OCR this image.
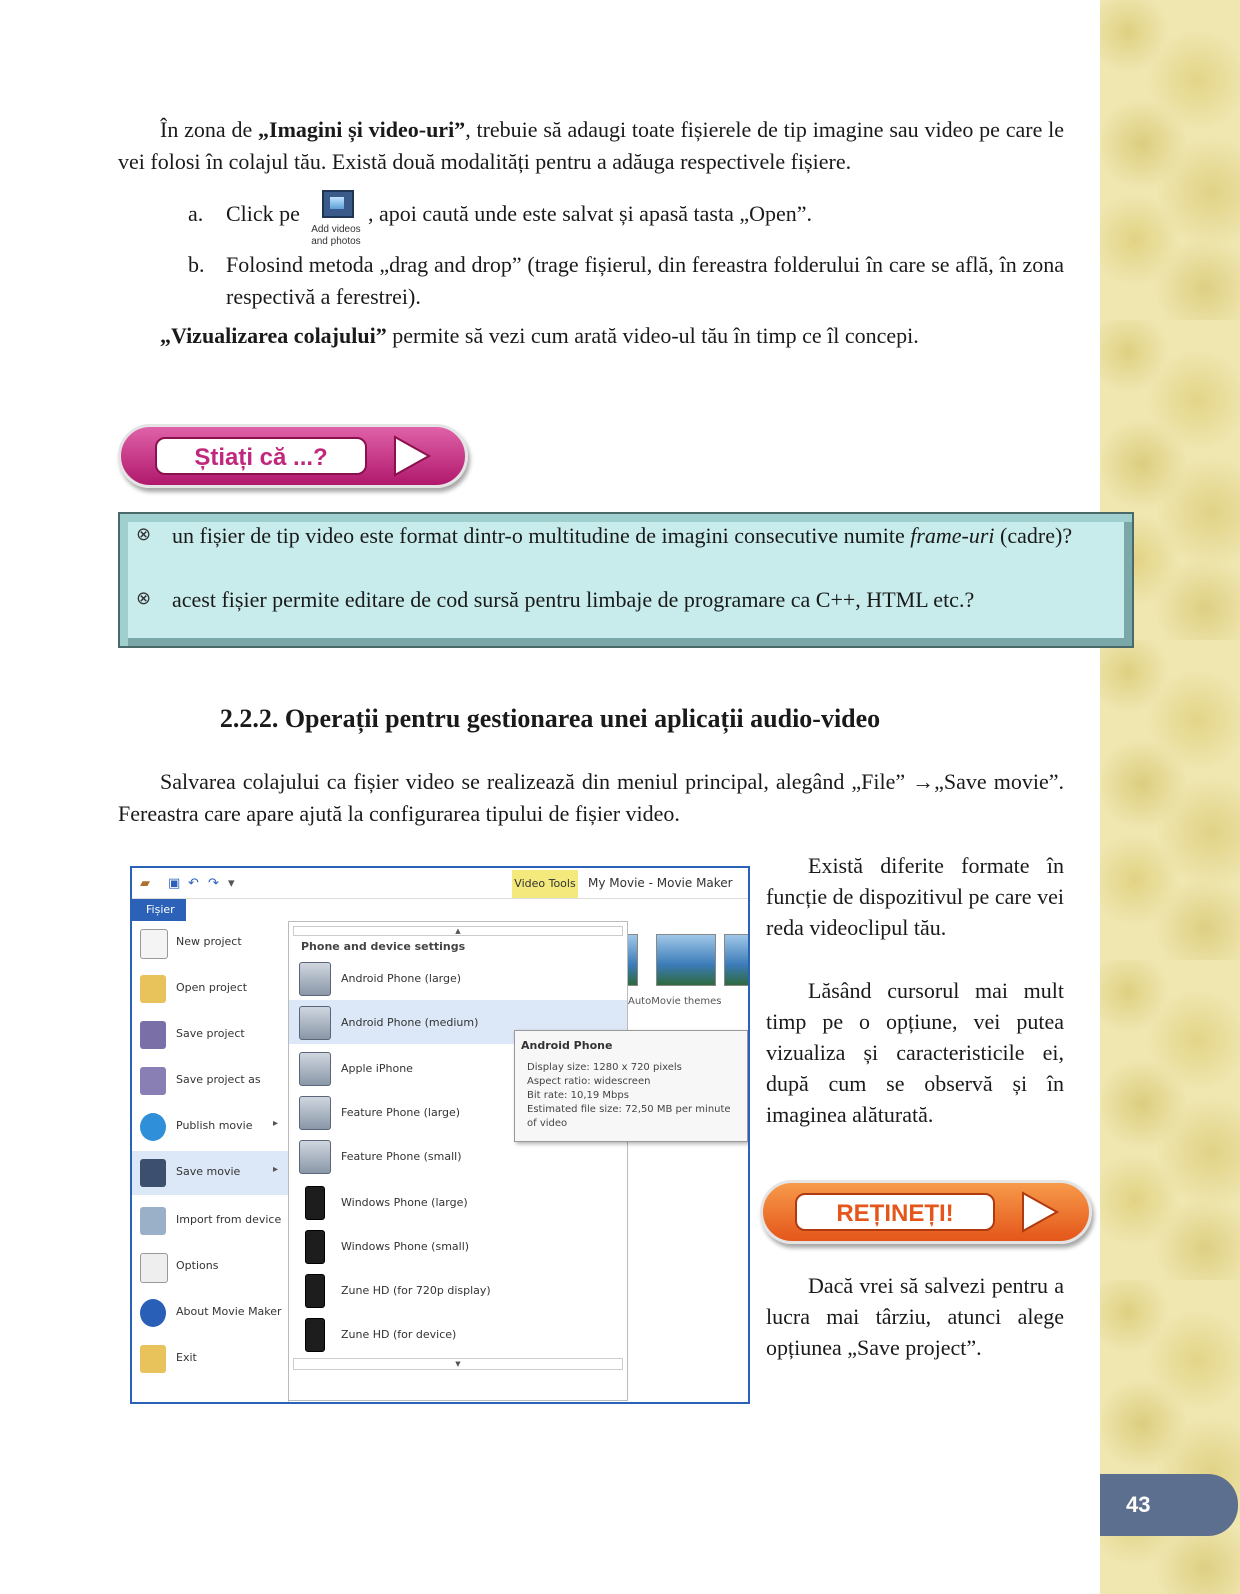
43
În zona de „Imagini și video-uri”, trebuie să adaugi toate fișierele de tip imagine sau video pe care le vei folosi în colajul tău. Există două modalități pentru a adăuga respectivele fișiere.
a. Click pe
Add videos and photos
, apoi caută unde este salvat și apasă tasta „Open”.
b. Folosind metoda „drag and drop” (trage fișierul, din fereastra folderului în care se află, în zona respectivă a ferestrei).
„Vizualizarea colajului” permite să vezi cum arată video-ul tău în timp ce îl concepi.
Știați că ...?
⊗ un fișier de tip video este format dintr-o multitudine de imagini consecutive numite frame-uri (cadre)?
⊗ acest fișier permite editare de cod sursă pentru limbaje de programare ca C++, HTML etc.?
2.2.2. Operații pentru gestionarea unei aplicații audio-video
Salvarea colajului ca fișier video se realizează din meniul principal, alegând „File” →„Save movie”. Fereastra care apare ajută la configurarea tipului de fișier video.
▰ ▣ ↶ ↷ ▾	Video Tools My Movie - Movie Maker
Fișier
AutoMovie themes
New project
Open project
Save project
Save project as
Publish movie ▸
Save movie	▸
Import from device
Options
About Movie Maker
Exit
▲
Phone and device settings
Android Phone (large)
Android Phone (medium)
Apple iPhone
Feature Phone (large)
Feature Phone (small)
Windows Phone (large)
Windows Phone (small)
Zune HD (for 720p display)
Zune HD (for device)
▼
Android Phone
Display size: 1280 x 720 pixels
Aspect ratio: widescreen
Bit rate: 10,19 Mbps
Estimated file size: 72,50 MB per minute of video
Există diferite formate în funcție de dispozitivul pe care vei reda videoclipul tău.
Lăsând cursorul mai mult timp pe o opțiune, vei putea vizualiza și caracteristicile ei, după cum se observă și în imaginea alăturată.
REȚINEȚI!
Dacă vrei să salvezi pentru a lucra mai târziu, atunci alege opțiunea „Save project”.
